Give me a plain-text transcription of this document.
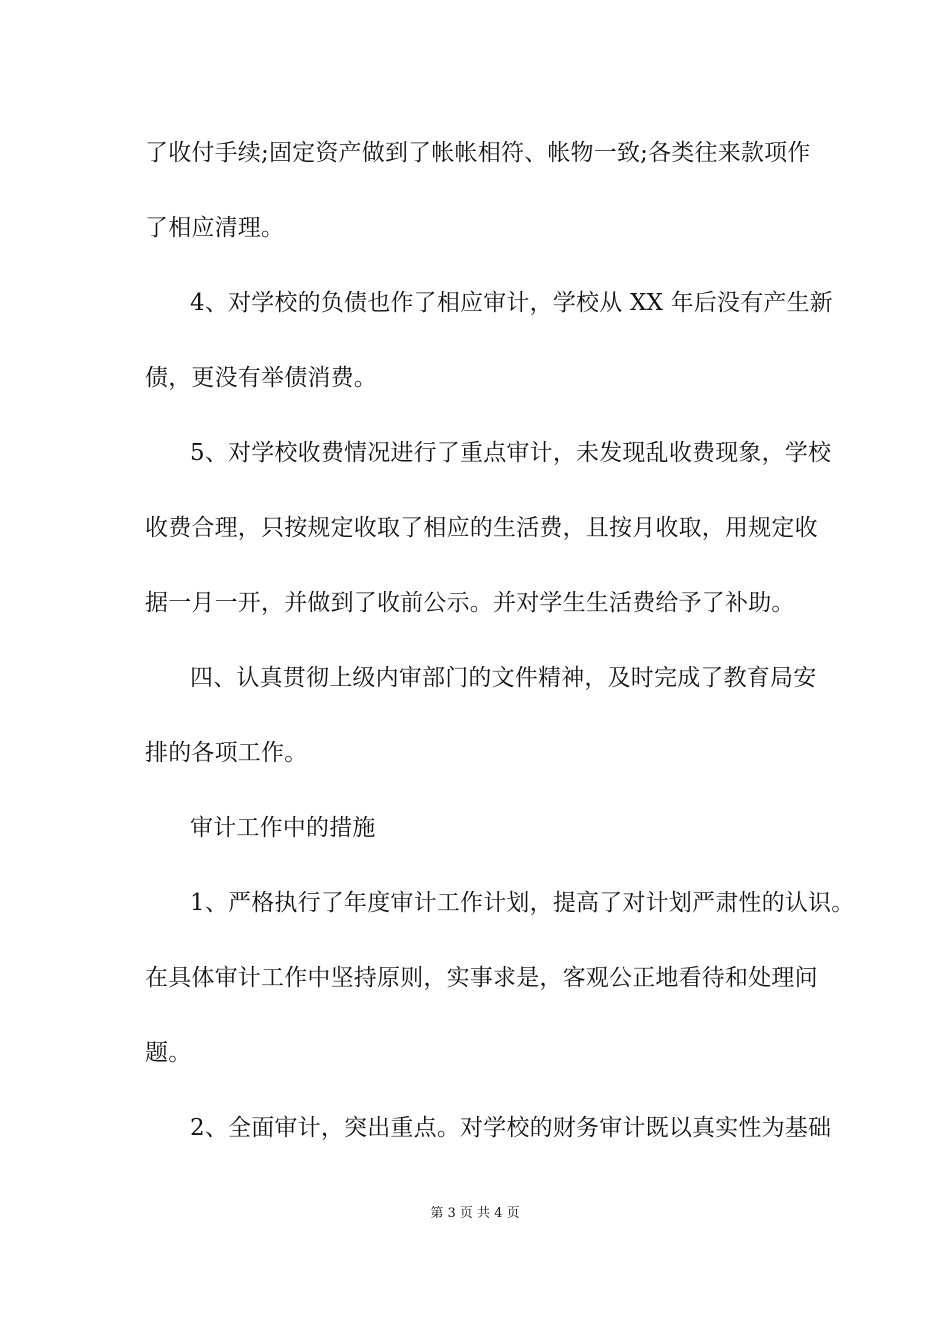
了收付手续;固定资产做到了帐帐相符、帐物一致;各类往来款项作
了相应清理。
4、对学校的负债也作了相应审计，学校从 XX 年后没有产生新
债，更没有举债消费。
5、对学校收费情况进行了重点审计，未发现乱收费现象，学校
收费合理，只按规定收取了相应的生活费，且按月收取，用规定收
据一月一开，并做到了收前公示。并对学生生活费给予了补助。
四、认真贯彻上级内审部门的文件精神，及时完成了教育局安
排的各项工作。
审计工作中的措施
1、严格执行了年度审计工作计划，提高了对计划严肃性的认识。
在具体审计工作中坚持原则，实事求是，客观公正地看待和处理问
题。
2、全面审计，突出重点。对学校的财务审计既以真实性为基础
第 3 页 共 4 页
